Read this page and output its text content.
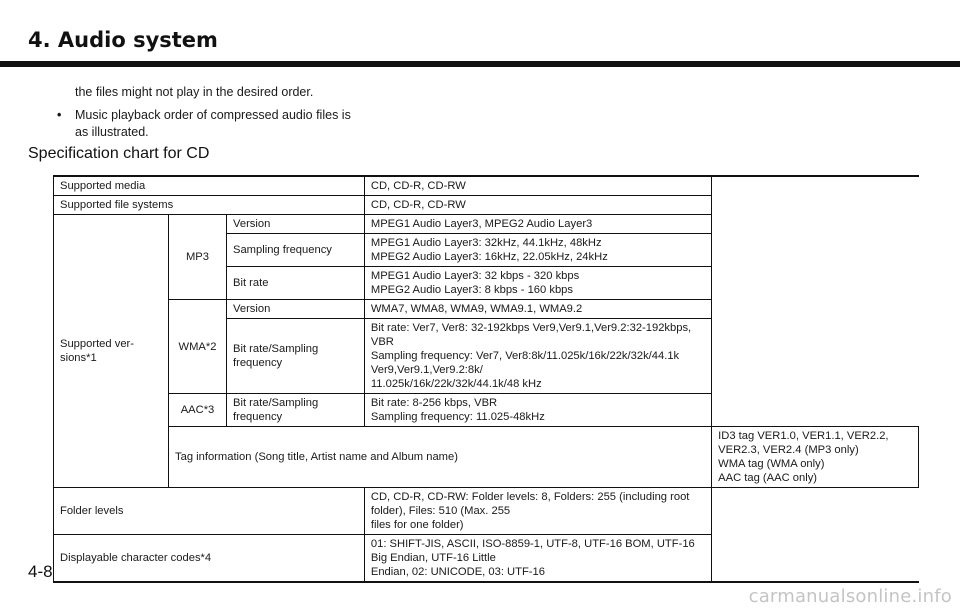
4. Audio system

the files might not play in the desired order.

• Music playback order of compressed audio files is as illustrated.
Specification chart for CD
Supported media			CD, CD-R, CD-RW	
Supported file systems			CD, CD-R, CD-RW	
Supported ver-
sions*1	MP3	Version	MPEG1 Audio Layer3, MPEG2 Audio Layer3	
		Sampling frequency	MPEG1 Audio Layer3: 32kHz, 44.1kHz, 48kHz
MPEG2 Audio Layer3: 16kHz, 22.05kHz, 24kHz	
		Bit rate	MPEG1 Audio Layer3: 32 kbps - 320 kbps
MPEG2 Audio Layer3: 8 kbps - 160 kbps	
	WMA*2	Version	WMA7, WMA8, WMA9, WMA9.1, WMA9.2	
		Bit rate/Sampling frequency	Bit rate: Ver7, Ver8: 32-192kbps Ver9,Ver9.1,Ver9.2:32-192kbps, VBR
Sampling frequency: Ver7, Ver8:8k/11.025k/16k/22k/32k/44.1k Ver9,Ver9.1,Ver9.2:8k/
11.025k/16k/22k/32k/44.1k/48 kHz	
	AAC*3	Bit rate/Sampling frequency	Bit rate: 8-256 kbps, VBR
Sampling frequency: 11.025-48kHz	
	Tag information (Song title, Artist name and Album name)			ID3 tag VER1.0, VER1.1, VER2.2, VER2.3, VER2.4 (MP3 only)
WMA tag (WMA only)
AAC tag (AAC only)
Folder levels			CD, CD-R, CD-RW: Folder levels: 8, Folders: 255 (including root folder), Files: 510 (Max. 255
files for one folder)	
Displayable character codes*4			01: SHIFT-JIS, ASCII, ISO-8859-1, UTF-8, UTF-16 BOM, UTF-16 Big Endian, UTF-16 Little
Endian, 02: UNICODE, 03: UTF-16	

4-8

carmanualsonline.info
